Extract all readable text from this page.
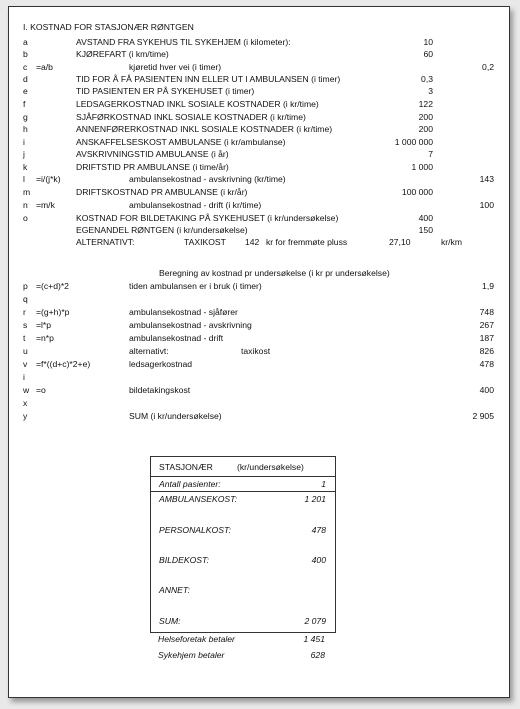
I. KOSTNAD FOR STASJONÆR RØNTGEN
a	AVSTAND FRA SYKEHUS TIL SYKEHJEM (i kilometer):	10
b	KJØREFART (i km/time)	60
c =a/b	kjøretid hver vei (i timer)	0,2
d	TID FOR Å FÅ PASIENTEN INN ELLER UT I AMBULANSEN (i timer)	0,3
e	TID PASIENTEN ER PÅ SYKEHUSET (i timer)	3
f	LEDSAGERKOSTNAD INKL SOSIALE KOSTNADER (i kr/time)	122
g	SJÅFØRKOSTNAD INKL SOSIALE KOSTNADER (i kr/time)	200
h	ANNENFØRERKOSTNAD INKL SOSIALE KOSTNADER (i kr/time)	200
i	ANSKAFFELSESKOST AMBULANSE (i kr/ambulanse)	1 000 000
j	AVSKRIVNINGSTID AMBULANSE (i år)	7
k	DRIFTSTID PR AMBULANSE (i time/år)	1 000
l =i/(j*k)	ambulansekostnad - avskrivning (kr/time)	143
m	DRIFTSKOSTNAD PR AMBULANSE (i kr/år)	100 000
n =m/k	ambulansekostnad - drift (i kr/time)	100
o	KOSTNAD FOR BILDETAKING PÅ SYKEHUSET (i kr/undersøkelse)	400
EGENANDEL RØNTGEN (i kr/undersøkelse)	150
ALTERNATIVT:	TAXIKOST 142 kr for fremmøte pluss	27,10	kr/km
Beregning av kostnad pr undersøkelse (i kr pr undersøkelse)
p =(c+d)*2	tiden ambulansen er i bruk (i timer)	1,9
q
r =(g+h)*p	ambulansekostnad - sjåfører	748
s =l*p	ambulansekostnad - avskrivning	267
t =n*p	ambulansekostnad - drift	187
u	alternativt:	taxikost	826
v =f*((d+c)*2+e)	ledsagerkostnad	478
i
w =o	bildetakingskost	400
x
y	SUM (i kr/undersøkelse)	2 905
STASJONÆR	(kr/undersøkelse)
Antall pasienter:	1
AMBULANSEKOST:	1 201
PERSONALKOST:	478
BILDEKOST:	400
ANNET:
SUM:	2 079
Helseforetak betaler	1 451
Sykehjem betaler	628
